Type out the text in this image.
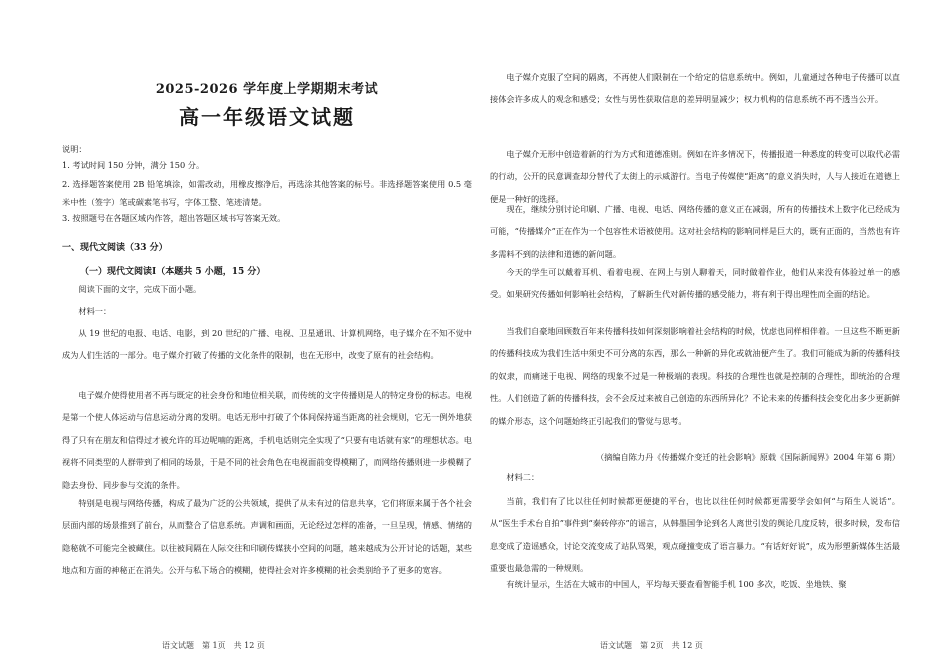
2025-2026 学年度上学期期末考试
高一年级语文试题

说明：

1. 考试时间 150 分钟，满分 150 分。

2. 选择题答案使用 2B 铅笔填涂，如需改动，用橡皮擦净后，再选涂其他答案的标号。非选择题答案使用 0.5 毫米中性（签字）笔或碳素笔书写，字体工整、笔迹清楚。

3. 按照题号在各题区域内作答，超出答题区域书写答案无效。

一、现代文阅读（33 分）
（一）现代文阅读Ⅰ（本题共 5 小题，15 分）

阅读下面的文字，完成下面小题。

材料一：

从 19 世纪的电报、电话、电影，到 20 世纪的广播、电视、卫星通讯、计算机网络，电子媒介在不知不觉中成为人们生活的一部分。电子媒介打破了传播的文化条件的限制，也在无形中，改变了原有的社会结构。

电子媒介使得使用者不再与既定的社会身份和地位相关联，而传统的文字传播则是人的特定身份的标志。电视是第一个使人体运动与信息运动分离的发明。电话无形中打破了个体间保持遥当距离的社会规则，它无一例外地获得了只有在朋友和信得过才被允许的耳边呢喃的距离，手机电话则完全实现了“只要有电话就有家”的理想状态。电视将不同类型的人群带到了相同的场景，于是不同的社会角色在电视面前变得模糊了，而网络传播则进一步模糊了隐去身份、同步参与交流的条件。

特别是电视与网络传播，构成了最为广泛的公共领域，提供了从未有过的信息共享，它们将原来属于各个社会层面内部的场景推到了前台，从而整合了信息系统。声调和画面，无论经过怎样的准备，一旦呈现，情感、情绪的隐秘就不可能完全被藏住。以往被间隔在人际交往和印刷传媒狭小空间的问题，越来越成为公开讨论的话题，某些地点和方面的神秘正在消失。公开与私下场合的模糊，使得社会对许多模糊的社会类别给予了更多的宽容。

语文试题　第 1页　共 12 页

电子媒介克服了空间的隔离，不再使人们限制在一个给定的信息系统中。例如，儿童通过各种电子传播可以直接体会许多成人的观念和感受；女性与男性获取信息的差异明显减少；权力机构的信息系统不再不透当公开。

电子媒介无形中创造着新的行为方式和道德准则。例如在许多情况下，传播报道一种悉度的转变可以取代必需的行动，公开的民意调查却分替代了太街上的示威游行。当电子传媒使“距离”的意义消失时，人与人接近在道德上便是一种好的选择。

现在，继续分别讨论印刷、广播、电视、电话、网络传播的意义正在减弱，所有的传播技术上数字化已经成为可能，“传播媒介”正在作为一个包容性术语被使用。这对社会结构的影响同样是巨大的，既有正面的，当然也有许多需料不到的法律和道德的新问题。

今天的学生可以戴着耳机、看着电视、在网上与别人聊着天，同时做着作业，他们从来没有体验过单一的感受。如果研究传播如何影响社会结构，了解新生代对新传播的感受能力，将有利于得出理性而全面的结论。

当我们自豪地回顾数百年来传播科技如何深刻影响着社会结构的时候，忧虑也同样相伴着。一旦这些不断更新的传播科技成为我们生活中须史不可分离的东西，那么一种新的异化或就油便产生了。我们可能成为新的传播科技的奴隶，而痛迷于电视、网络的现象不过是一种极端的表现。科技的合理性也就是控制的合理性，即统治的合理性。人们创造了新的传播科技，会不会反过来被自己创造的东西所异化？不论未来的传播科技会变化出多少更新鲜的媒介形态，这个问题始终正引起我们的警觉与思考。

（摘编自陈力丹《传播媒介变迁的社会影响》原载《国际新闻界》2004 年第 6 期）

材料二：

当前，我们有了比以往任何时候都更便捷的平台，也比以往任何时候都更需要学会如何“与陌生人说话”。从“医生手术台自拍”事件到“秦砖停亦”的谣言，从韩墨国争论到名人离世引发的舆论几度反转，很多时候，发布信息变成了造谣感众，讨论交流变成了站队骂架，观点碰撞变成了语言暴力。“有话好好说”，成为形塑新媒体生活最重要也最急需的一种规则。

有统计显示，生活在大城市的中国人，平均每天要查看智能手机 100 多次，吃饭、坐地铁、聚

语文试题　第 2页　共 12 页
